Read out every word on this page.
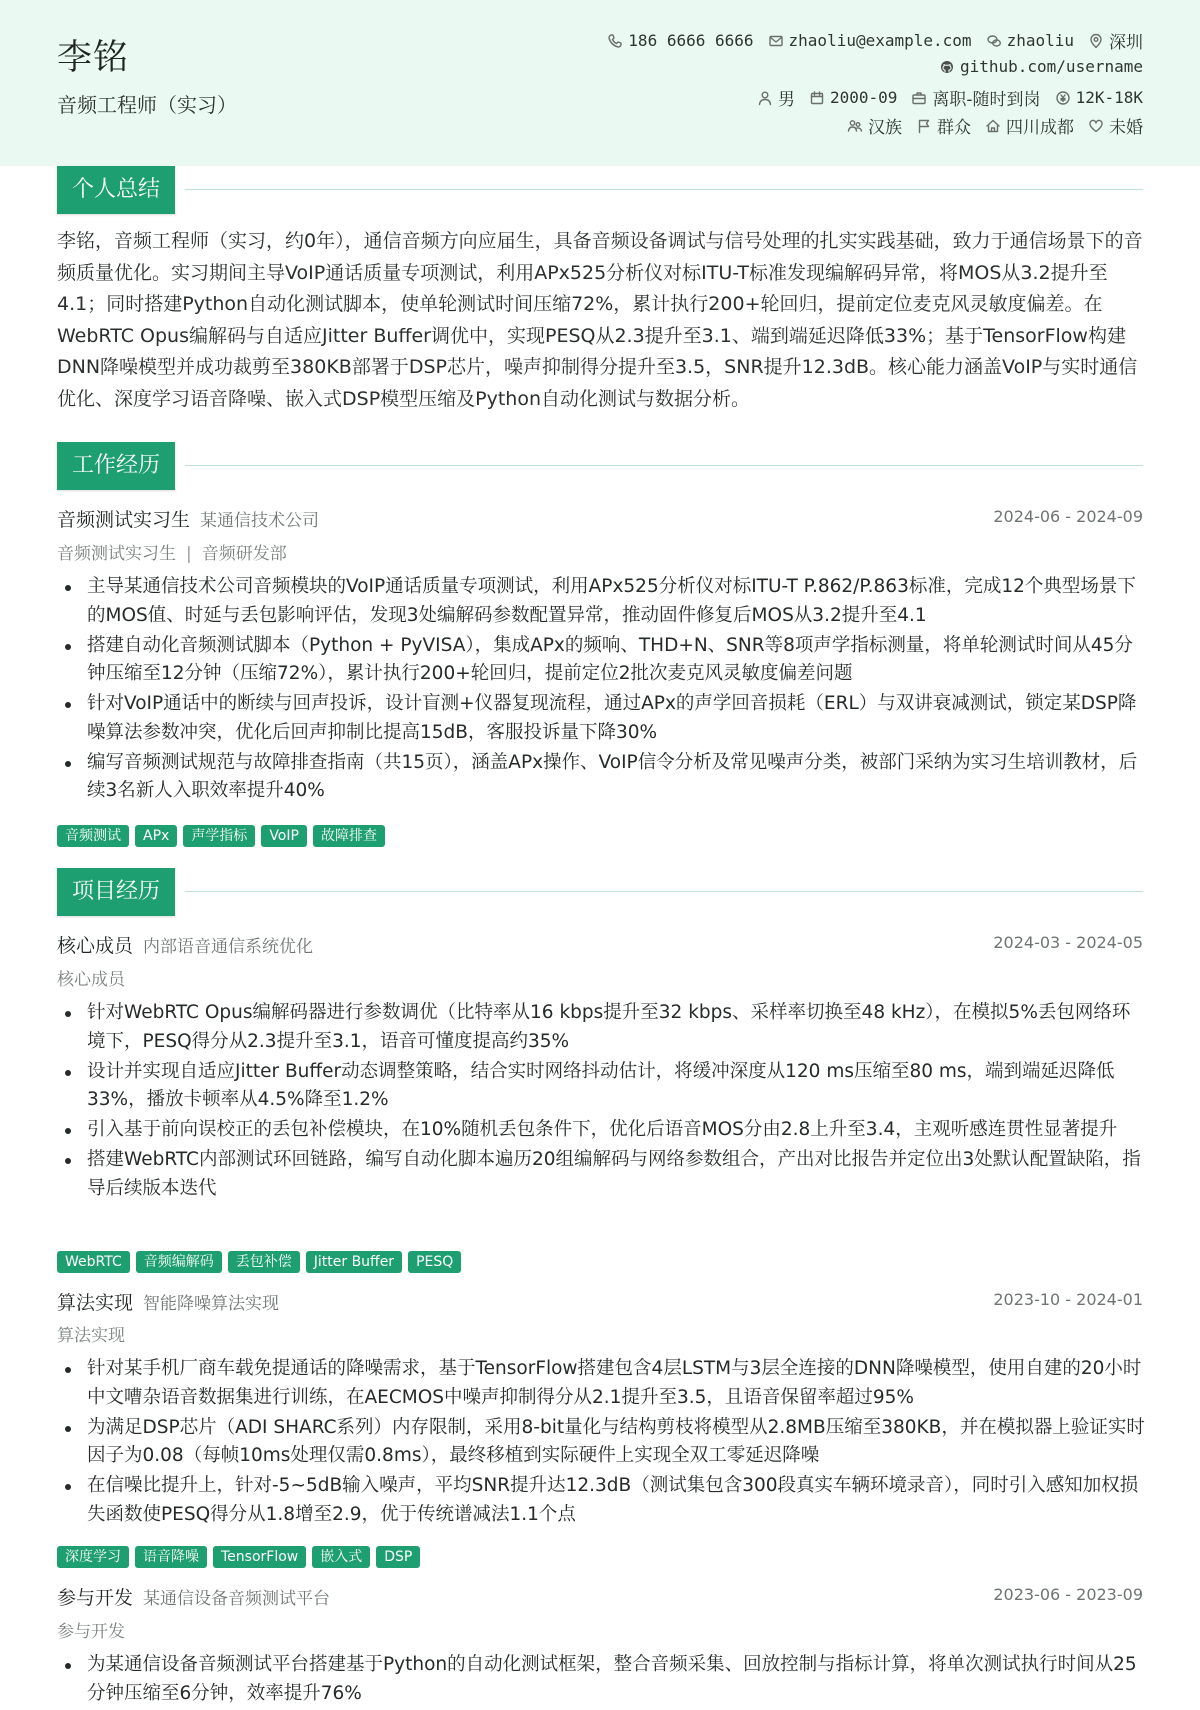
李铭
音频工程师（实习）
186 6666 6666 zhaoliu@example.com zhaoliu 深圳
github.com/username
男 2000-09 离职-随时到岗 12K-18K
汉族 群众 四川成都 未婚
个人总结

李铭，音频工程师（实习，约0年），通信音频方向应届生，具备音频设备调试与信号处理的扎实实践基础，致力于通信场景下的音频质量优化。实习期间主导VoIP通话质量专项测试，利用APx525分析仪对标ITU-T标准发现编解码异常，将MOS从3.2提升至4.1；同时搭建Python自动化测试脚本，使单轮测试时间压缩72%，累计执行200+轮回归，提前定位麦克风灵敏度偏差。在WebRTC Opus编解码与自适应Jitter Buffer调优中，实现PESQ从2.3提升至3.1、端到端延迟降低33%；基于TensorFlow构建DNN降噪模型并成功裁剪至380KB部署于DSP芯片，噪声抑制得分提升至3.5，SNR提升12.3dB。核心能力涵盖VoIP与实时通信优化、深度学习语音降噪、嵌入式DSP模型压缩及Python自动化测试与数据分析。

工作经历
音频测试实习生 某通信技术公司	2024-06 - 2024-09
音频测试实习生 | 音频研发部
主导某通信技术公司音频模块的VoIP通话质量专项测试，利用APx525分析仪对标ITU-T P.862/P.863标准，完成12个典型场景下的MOS值、时延与丢包影响评估，发现3处编解码参数配置异常，推动固件修复后MOS从3.2提升至4.1
搭建自动化音频测试脚本（Python + PyVISA），集成APx的频响、THD+N、SNR等8项声学指标测量，将单轮测试时间从45分钟压缩至12分钟（压缩72%），累计执行200+轮回归，提前定位2批次麦克风灵敏度偏差问题
针对VoIP通话中的断续与回声投诉，设计盲测+仪器复现流程，通过APx的声学回音损耗（ERL）与双讲衰减测试，锁定某DSP降噪算法参数冲突，优化后回声抑制比提高15dB，客服投诉量下降30%
编写音频测试规范与故障排查指南（共15页），涵盖APx操作、VoIP信令分析及常见噪声分类，被部门采纳为实习生培训教材，后续3名新人入职效率提升40%
音频测试	APx	声学指标	VoIP	故障排查
项目经历
核心成员 内部语音通信系统优化	2024-03 - 2024-05
核心成员
针对WebRTC Opus编解码器进行参数调优（比特率从16 kbps提升至32 kbps、采样率切换至48 kHz），在模拟5%丢包网络环境下，PESQ得分从2.3提升至3.1，语音可懂度提高约35%
设计并实现自适应Jitter Buffer动态调整策略，结合实时网络抖动估计，将缓冲深度从120 ms压缩至80 ms，端到端延迟降低33%，播放卡顿率从4.5%降至1.2%
引入基于前向误校正的丢包补偿模块，在10%随机丢包条件下，优化后语音MOS分由2.8上升至3.4，主观听感连贯性显著提升
搭建WebRTC内部测试环回链路，编写自动化脚本遍历20组编解码与网络参数组合，产出对比报告并定位出3处默认配置缺陷，指导后续版本迭代
WebRTC	音频编解码	丢包补偿	Jitter Buffer	PESQ
算法实现 智能降噪算法实现	2023-10 - 2024-01
算法实现
针对某手机厂商车载免提通话的降噪需求，基于TensorFlow搭建包含4层LSTM与3层全连接的DNN降噪模型，使用自建的20小时中文嘈杂语音数据集进行训练，在AECMOS中噪声抑制得分从2.1提升至3.5，且语音保留率超过95%
为满足DSP芯片（ADI SHARC系列）内存限制，采用8-bit量化与结构剪枝将模型从2.8MB压缩至380KB，并在模拟器上验证实时因子为0.08（每帧10ms处理仅需0.8ms），最终移植到实际硬件上实现全双工零延迟降噪
在信噪比提升上，针对-5~5dB输入噪声，平均SNR提升达12.3dB（测试集包含300段真实车辆环境录音），同时引入感知加权损失函数使PESQ得分从1.8增至2.9，优于传统谱减法1.1个点
深度学习	语音降噪	TensorFlow	嵌入式	DSP
参与开发 某通信设备音频测试平台	2023-06 - 2023-09
参与开发
为某通信设备音频测试平台搭建基于Python的自动化测试框架，整合音频采集、回放控制与指标计算，将单次测试执行时间从25分钟压缩至6分钟，效率提升76%
